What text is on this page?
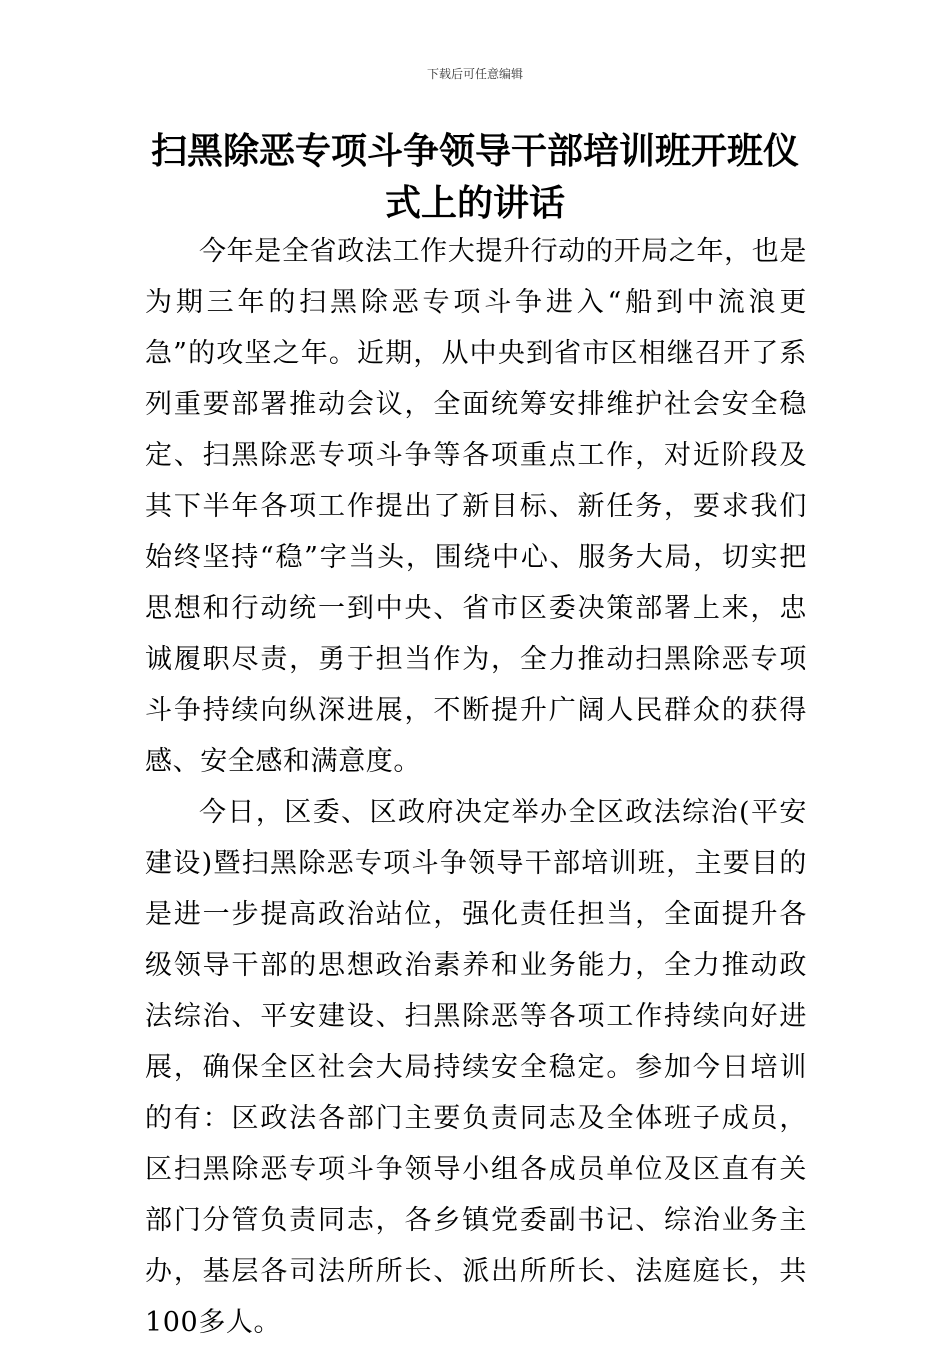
下载后可任意编辑
扫黑除恶专项斗争领导干部培训班开班仪式上的讲话

今年是全省政法工作大提升行动的开局之年，也是为期三年的扫黑除恶专项斗争进入“船到中流浪更急”的攻坚之年。近期，从中央到省市区相继召开了系列重要部署推动会议，全面统筹安排维护社会安全稳定、扫黑除恶专项斗争等各项重点工作，对近阶段及其下半年各项工作提出了新目标、新任务，要求我们始终坚持“稳”字当头，围绕中心、服务大局，切实把思想和行动统一到中央、省市区委决策部署上来，忠诚履职尽责，勇于担当作为，全力推动扫黑除恶专项斗争持续向纵深进展，不断提升广阔人民群众的获得感、安全感和满意度。

今日，区委、区政府决定举办全区政法综治(平安建设)暨扫黑除恶专项斗争领导干部培训班，主要目的是进一步提高政治站位，强化责任担当，全面提升各级领导干部的思想政治素养和业务能力，全力推动政法综治、平安建设、扫黑除恶等各项工作持续向好进展，确保全区社会大局持续安全稳定。参加今日培训的有：区政法各部门主要负责同志及全体班子成员，区扫黑除恶专项斗争领导小组各成员单位及区直有关部门分管负责同志，各乡镇党委副书记、综治业务主办，基层各司法所所长、派出所所长、法庭庭长，共100多人。
